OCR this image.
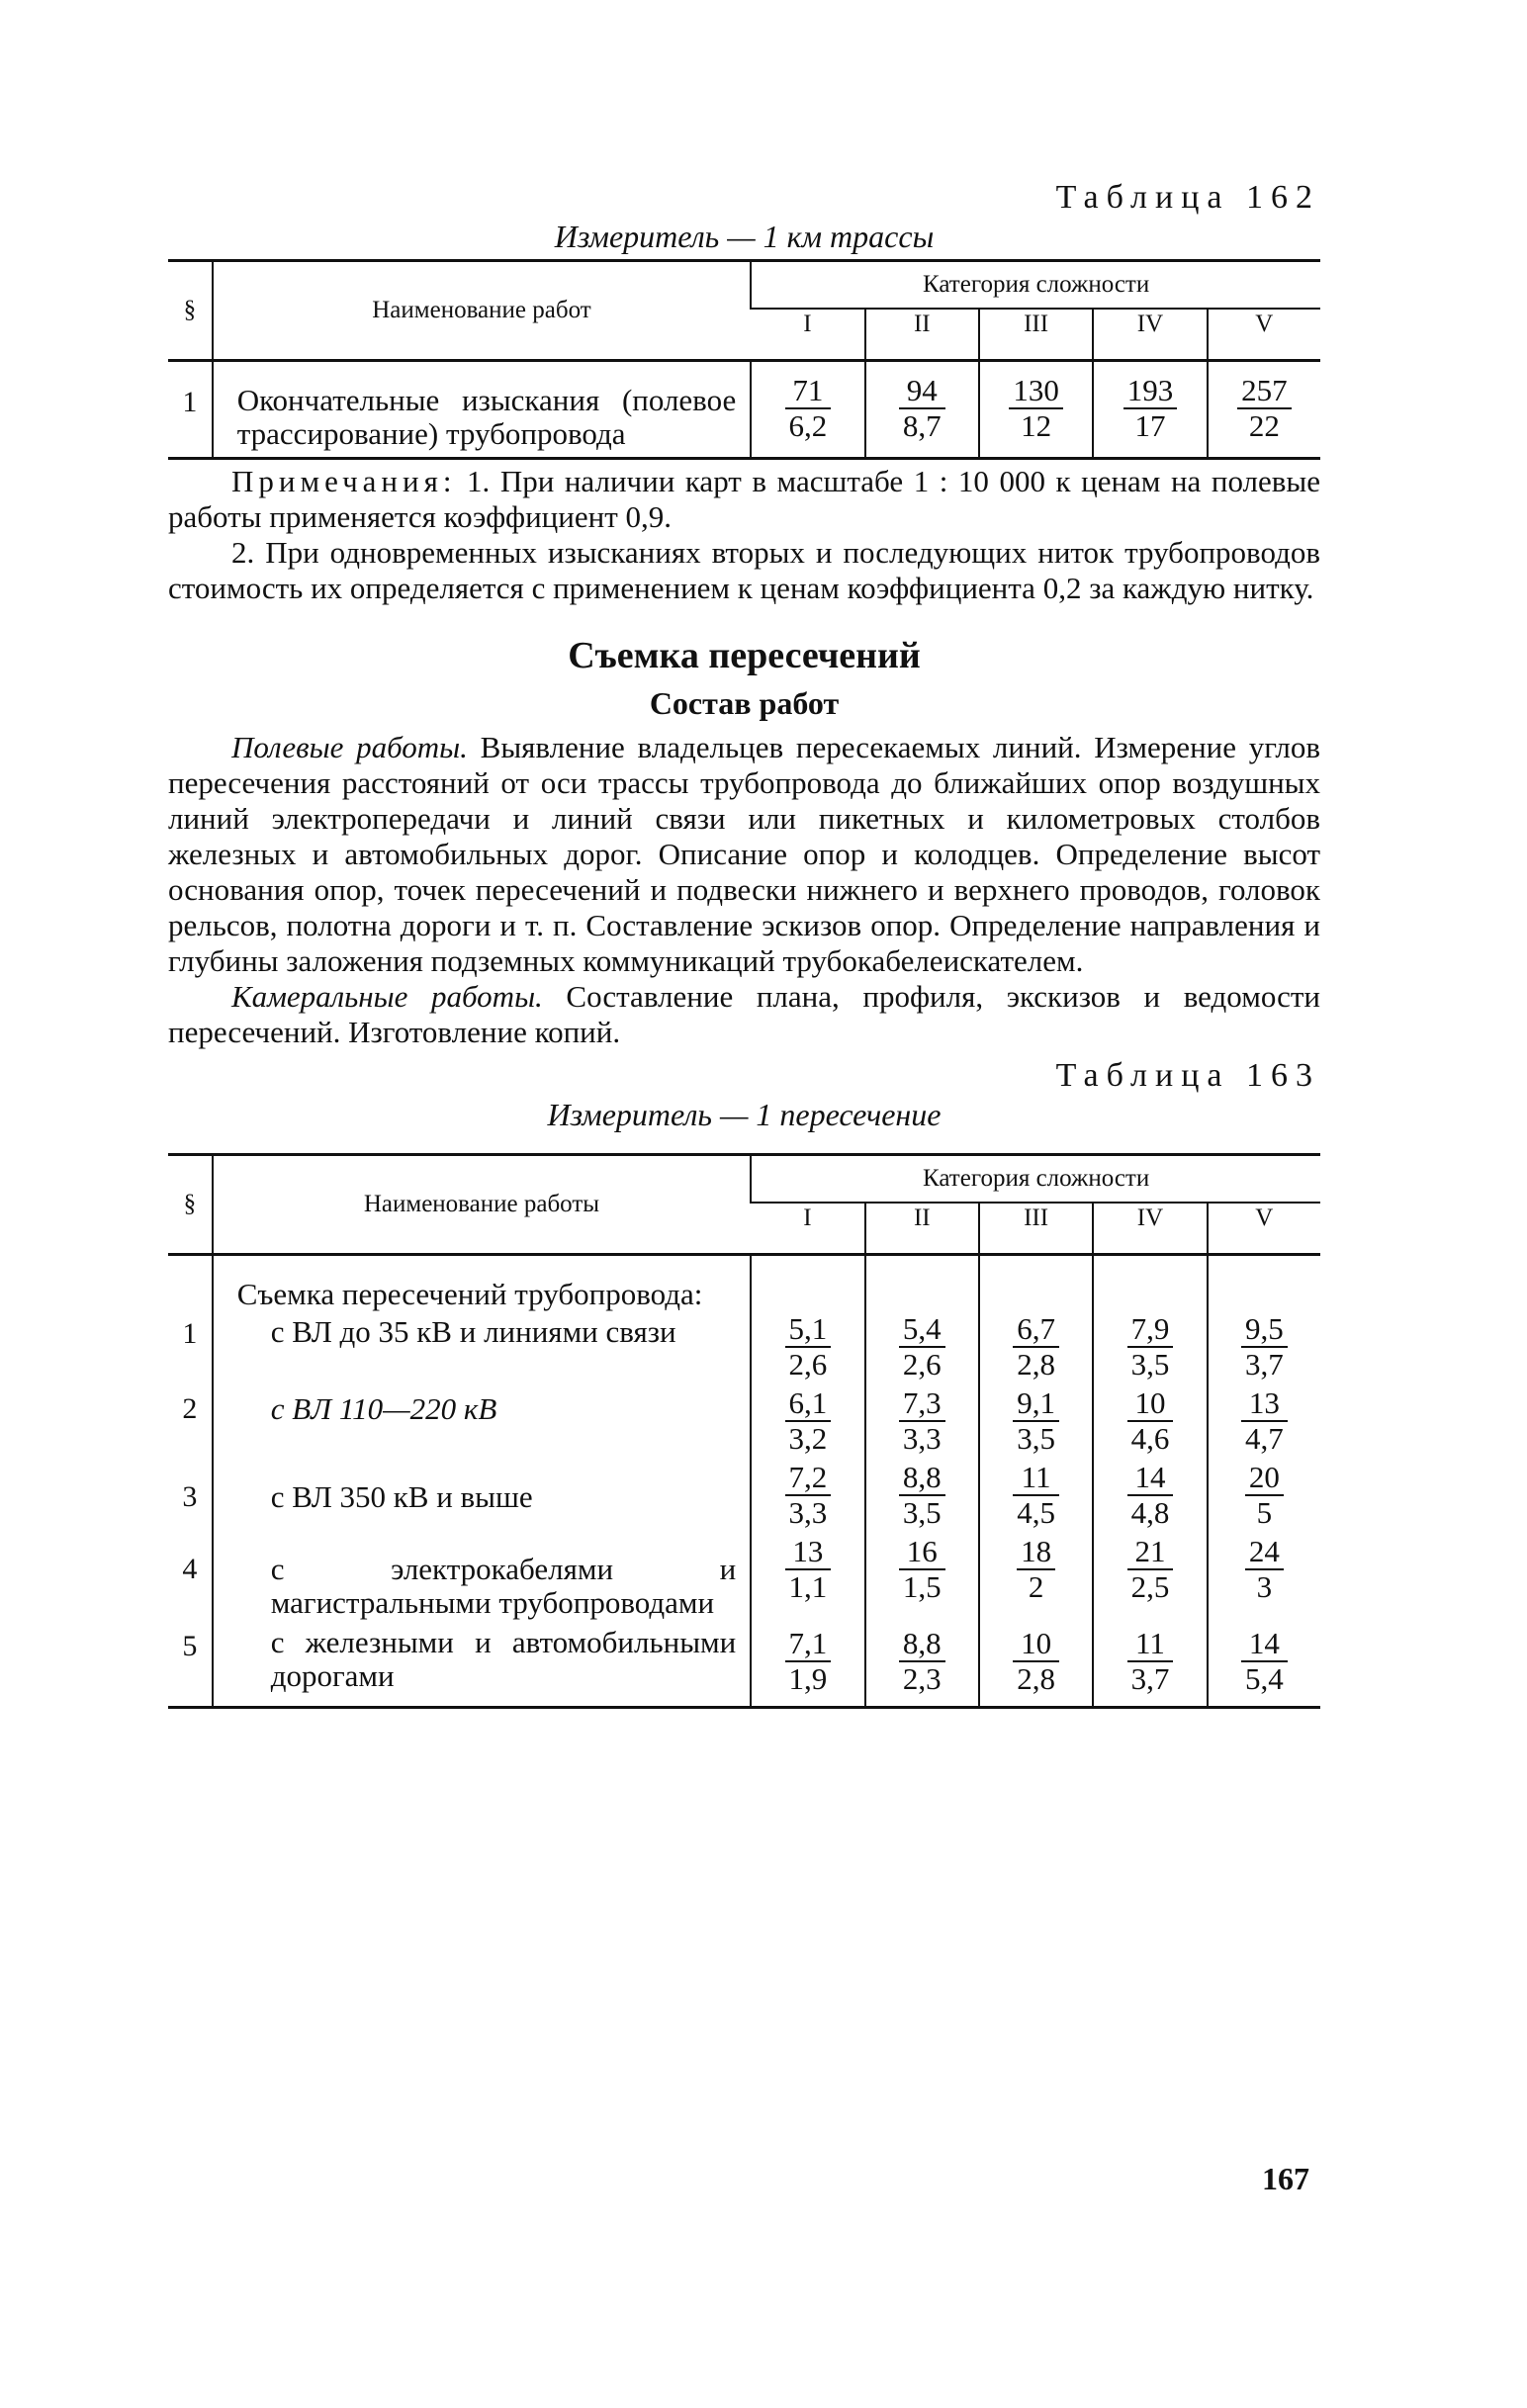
Таблица 162
Измеритель — 1 км трассы
§	Наименование работ	Категория сложности				
		I	II	III	IV	V
1	Окончательные изыскания (полевое трассирование) трубопровода	$\frac{71}{6,2}$	$\frac{94}{8,7}$	$\frac{130}{12}$	$\frac{193}{17}$	$\frac{257}{22}$

Примечания: 1. При наличии карт в масштабе 1 : 10 000 к ценам на полевые работы применяется коэффициент 0,9.

2. При одновременных изысканиях вторых и последующих ниток трубопроводов стоимость их определяется с применением к ценам коэффициента 0,2 за каждую нитку.

Съемка пересечений
Состав работ

Полевые работы. Выявление владельцев пересекаемых линий. Измерение углов пересечения расстояний от оси трассы трубопровода до ближайших опор воздушных линий электропередачи и линий связи или пикетных и километровых столбов железных и автомобильных дорог. Описание опор и колодцев. Определение высот основания опор, точек пересечений и подвески нижнего и верхнего проводов, головок рельсов, полотна дороги и т. п. Составление эскизов опор. Определение направления и глубины заложения подземных коммуникаций трубокабелеискателем.

Камеральные работы. Составление плана, профиля, экскизов и ведомости пересечений. Изготовление копий.

Таблица 163
Измеритель — 1 пересечение
§	Наименование работы	Категория сложности				
		I	II	III	IV	V
	Съемка пересечений трубопровода:					
1	с ВЛ до 35 кВ и линиями связи	$\frac{5,1}{2,6}$	$\frac{5,4}{2,6}$	$\frac{6,7}{2,8}$	$\frac{7,9}{3,5}$	$\frac{9,5}{3,7}$

2	с ВЛ 110—220 кВ	$\frac{6,1}{3,2}$	$\frac{7,3}{3,3}$	$\frac{9,1}{3,5}$	$\frac{10}{4,6}$	$\frac{13}{4,7}$

3	с ВЛ 350 кВ и выше	$\frac{7,2}{3,3}$	$\frac{8,8}{3,5}$	$\frac{11}{4,5}$	$\frac{14}{4,8}$	$\frac{20}{5}$

4	с электрокабелями и магистральными трубопроводами	$\frac{13}{1,1}$	$\frac{16}{1,5}$	$\frac{18}{2}$	$\frac{21}{2,5}$	$\frac{24}{3}$

5	с железными и автомобильными дорогами	$\frac{7,1}{1,9}$	$\frac{8,8}{2,3}$	$\frac{10}{2,8}$	$\frac{11}{3,7}$	$\frac{14}{5,4}$
167
